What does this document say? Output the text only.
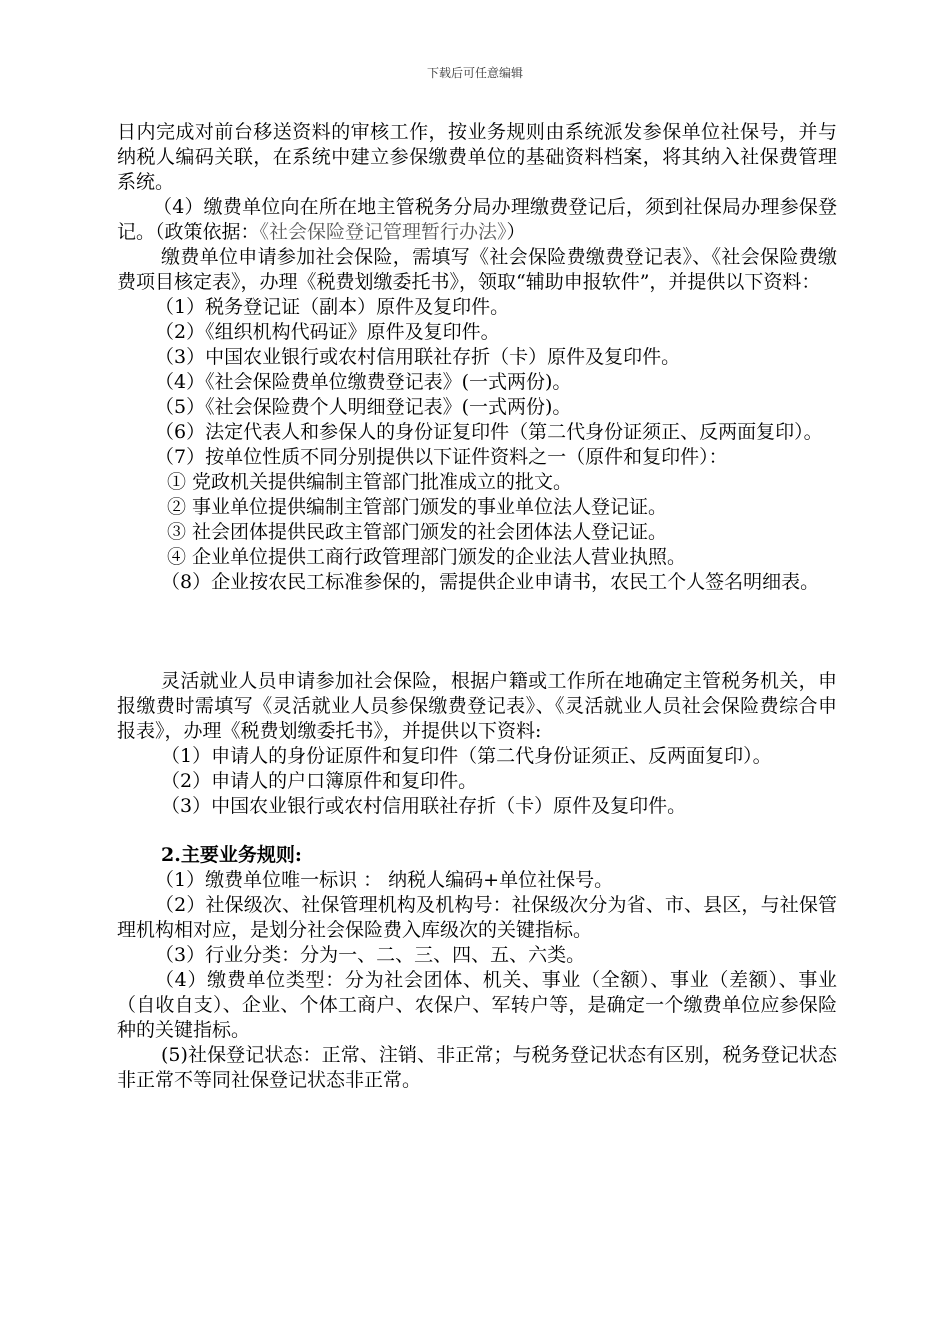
下载后可任意编辑

日内完成对前台移送资料的审核工作，按业务规则由系统派发参保单位社保号，并与纳税人编码关联，在系统中建立参保缴费单位的基础资料档案，将其纳入社保费管理系统。

（4）缴费单位向在所在地主管税务分局办理缴费登记后，须到社保局办理参保登记。（政策依据：《社会保险登记管理暂行办法》）

缴费单位申请参加社会保险，需填写《社会保险费缴费登记表》、《社会保险费缴费项目核定表》，办理《税费划缴委托书》，领取“辅助申报软件”，并提供以下资料：

（1）税务登记证（副本）原件及复印件。

（2）《组织机构代码证》原件及复印件。

（3）中国农业银行或农村信用联社存折（卡）原件及复印件。

（4）《社会保险费单位缴费登记表》(一式两份)。

（5）《社会保险费个人明细登记表》(一式两份)。

（6）法定代表人和参保人的身份证复印件（第二代身份证须正、反两面复印）。

（7）按单位性质不同分别提供以下证件资料之一（原件和复印件）：

① 党政机关提供编制主管部门批准成立的批文。

② 事业单位提供编制主管部门颁发的事业单位法人登记证。

③ 社会团体提供民政主管部门颁发的社会团体法人登记证。

④ 企业单位提供工商行政管理部门颁发的企业法人营业执照。

（8）企业按农民工标准参保的，需提供企业申请书，农民工个人签名明细表。

灵活就业人员申请参加社会保险，根据户籍或工作所在地确定主管税务机关，申报缴费时需填写《灵活就业人员参保缴费登记表》、《灵活就业人员社会保险费综合申报表》，办理《税费划缴委托书》，并提供以下资料:

（1）申请人的身份证原件和复印件（第二代身份证须正、反两面复印）。

（2）申请人的户口簿原件和复印件。

（3）中国农业银行或农村信用联社存折（卡）原件及复印件。

2.主要业务规则:

（1）缴费单位唯一标识 ： 纳税人编码+单位社保号。

（2）社保级次、社保管理机构及机构号：社保级次分为省、市、县区，与社保管理机构相对应，是划分社会保险费入库级次的关键指标。

（3）行业分类：分为一、二、三、四、五、六类。

（4）缴费单位类型：分为社会团体、机关、事业（全额）、事业（差额）、事业（自收自支）、企业、个体工商户、农保户、军转户等，是确定一个缴费单位应参保险种的关键指标。

(5)社保登记状态：正常、注销、非正常；与税务登记状态有区别，税务登记状态非正常不等同社保登记状态非正常。
